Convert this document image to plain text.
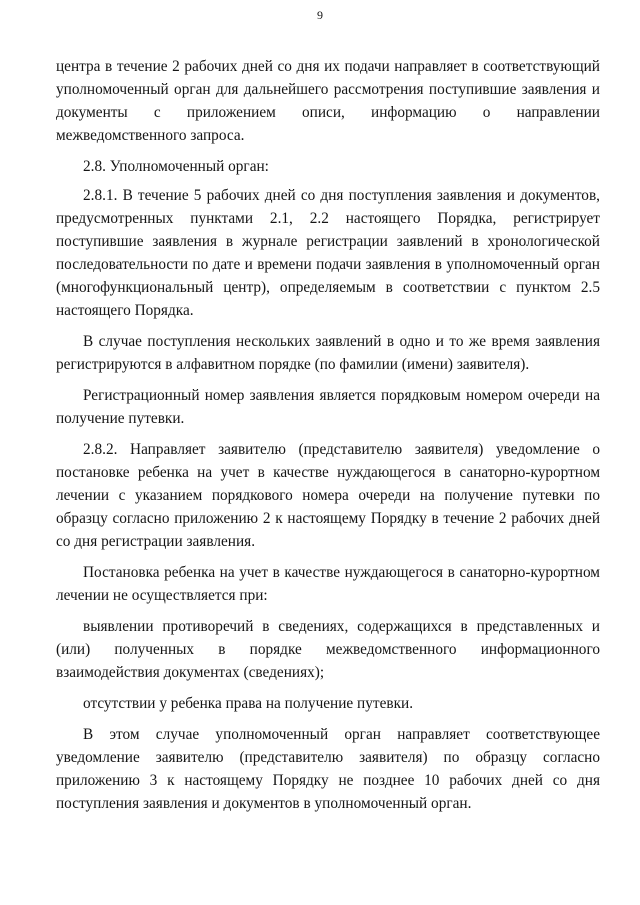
9

центра в течение 2 рабочих дней со дня их подачи направляет в соответствующий уполномоченный орган для дальнейшего рассмотрения поступившие заявления и документы с приложением описи, информацию о направлении межведомственного запроса.

2.8. Уполномоченный орган:

2.8.1. В течение 5 рабочих дней со дня поступления заявления и документов, предусмотренных пунктами 2.1, 2.2 настоящего Порядка, регистрирует поступившие заявления в журнале регистрации заявлений в хронологической последовательности по дате и времени подачи заявления в уполномоченный орган (многофункциональный центр), определяемым в соответствии с пунктом 2.5 настоящего Порядка.

В случае поступления нескольких заявлений в одно и то же время заявления регистрируются в алфавитном порядке (по фамилии (имени) заявителя).

Регистрационный номер заявления является порядковым номером очереди на получение путевки.

2.8.2. Направляет заявителю (представителю заявителя) уведомление о постановке ребенка на учет в качестве нуждающегося в санаторно-курортном лечении с указанием порядкового номера очереди на получение путевки по образцу согласно приложению 2 к настоящему Порядку в течение 2 рабочих дней со дня регистрации заявления.

Постановка ребенка на учет в качестве нуждающегося в санаторно-курортном лечении не осуществляется при:

выявлении противоречий в сведениях, содержащихся в представленных и (или) полученных в порядке межведомственного информационного взаимодействия документах (сведениях);

отсутствии у ребенка права на получение путевки.

В этом случае уполномоченный орган направляет соответствующее уведомление заявителю (представителю заявителя) по образцу согласно приложению 3 к настоящему Порядку не позднее 10 рабочих дней со дня поступления заявления и документов в уполномоченный орган.
